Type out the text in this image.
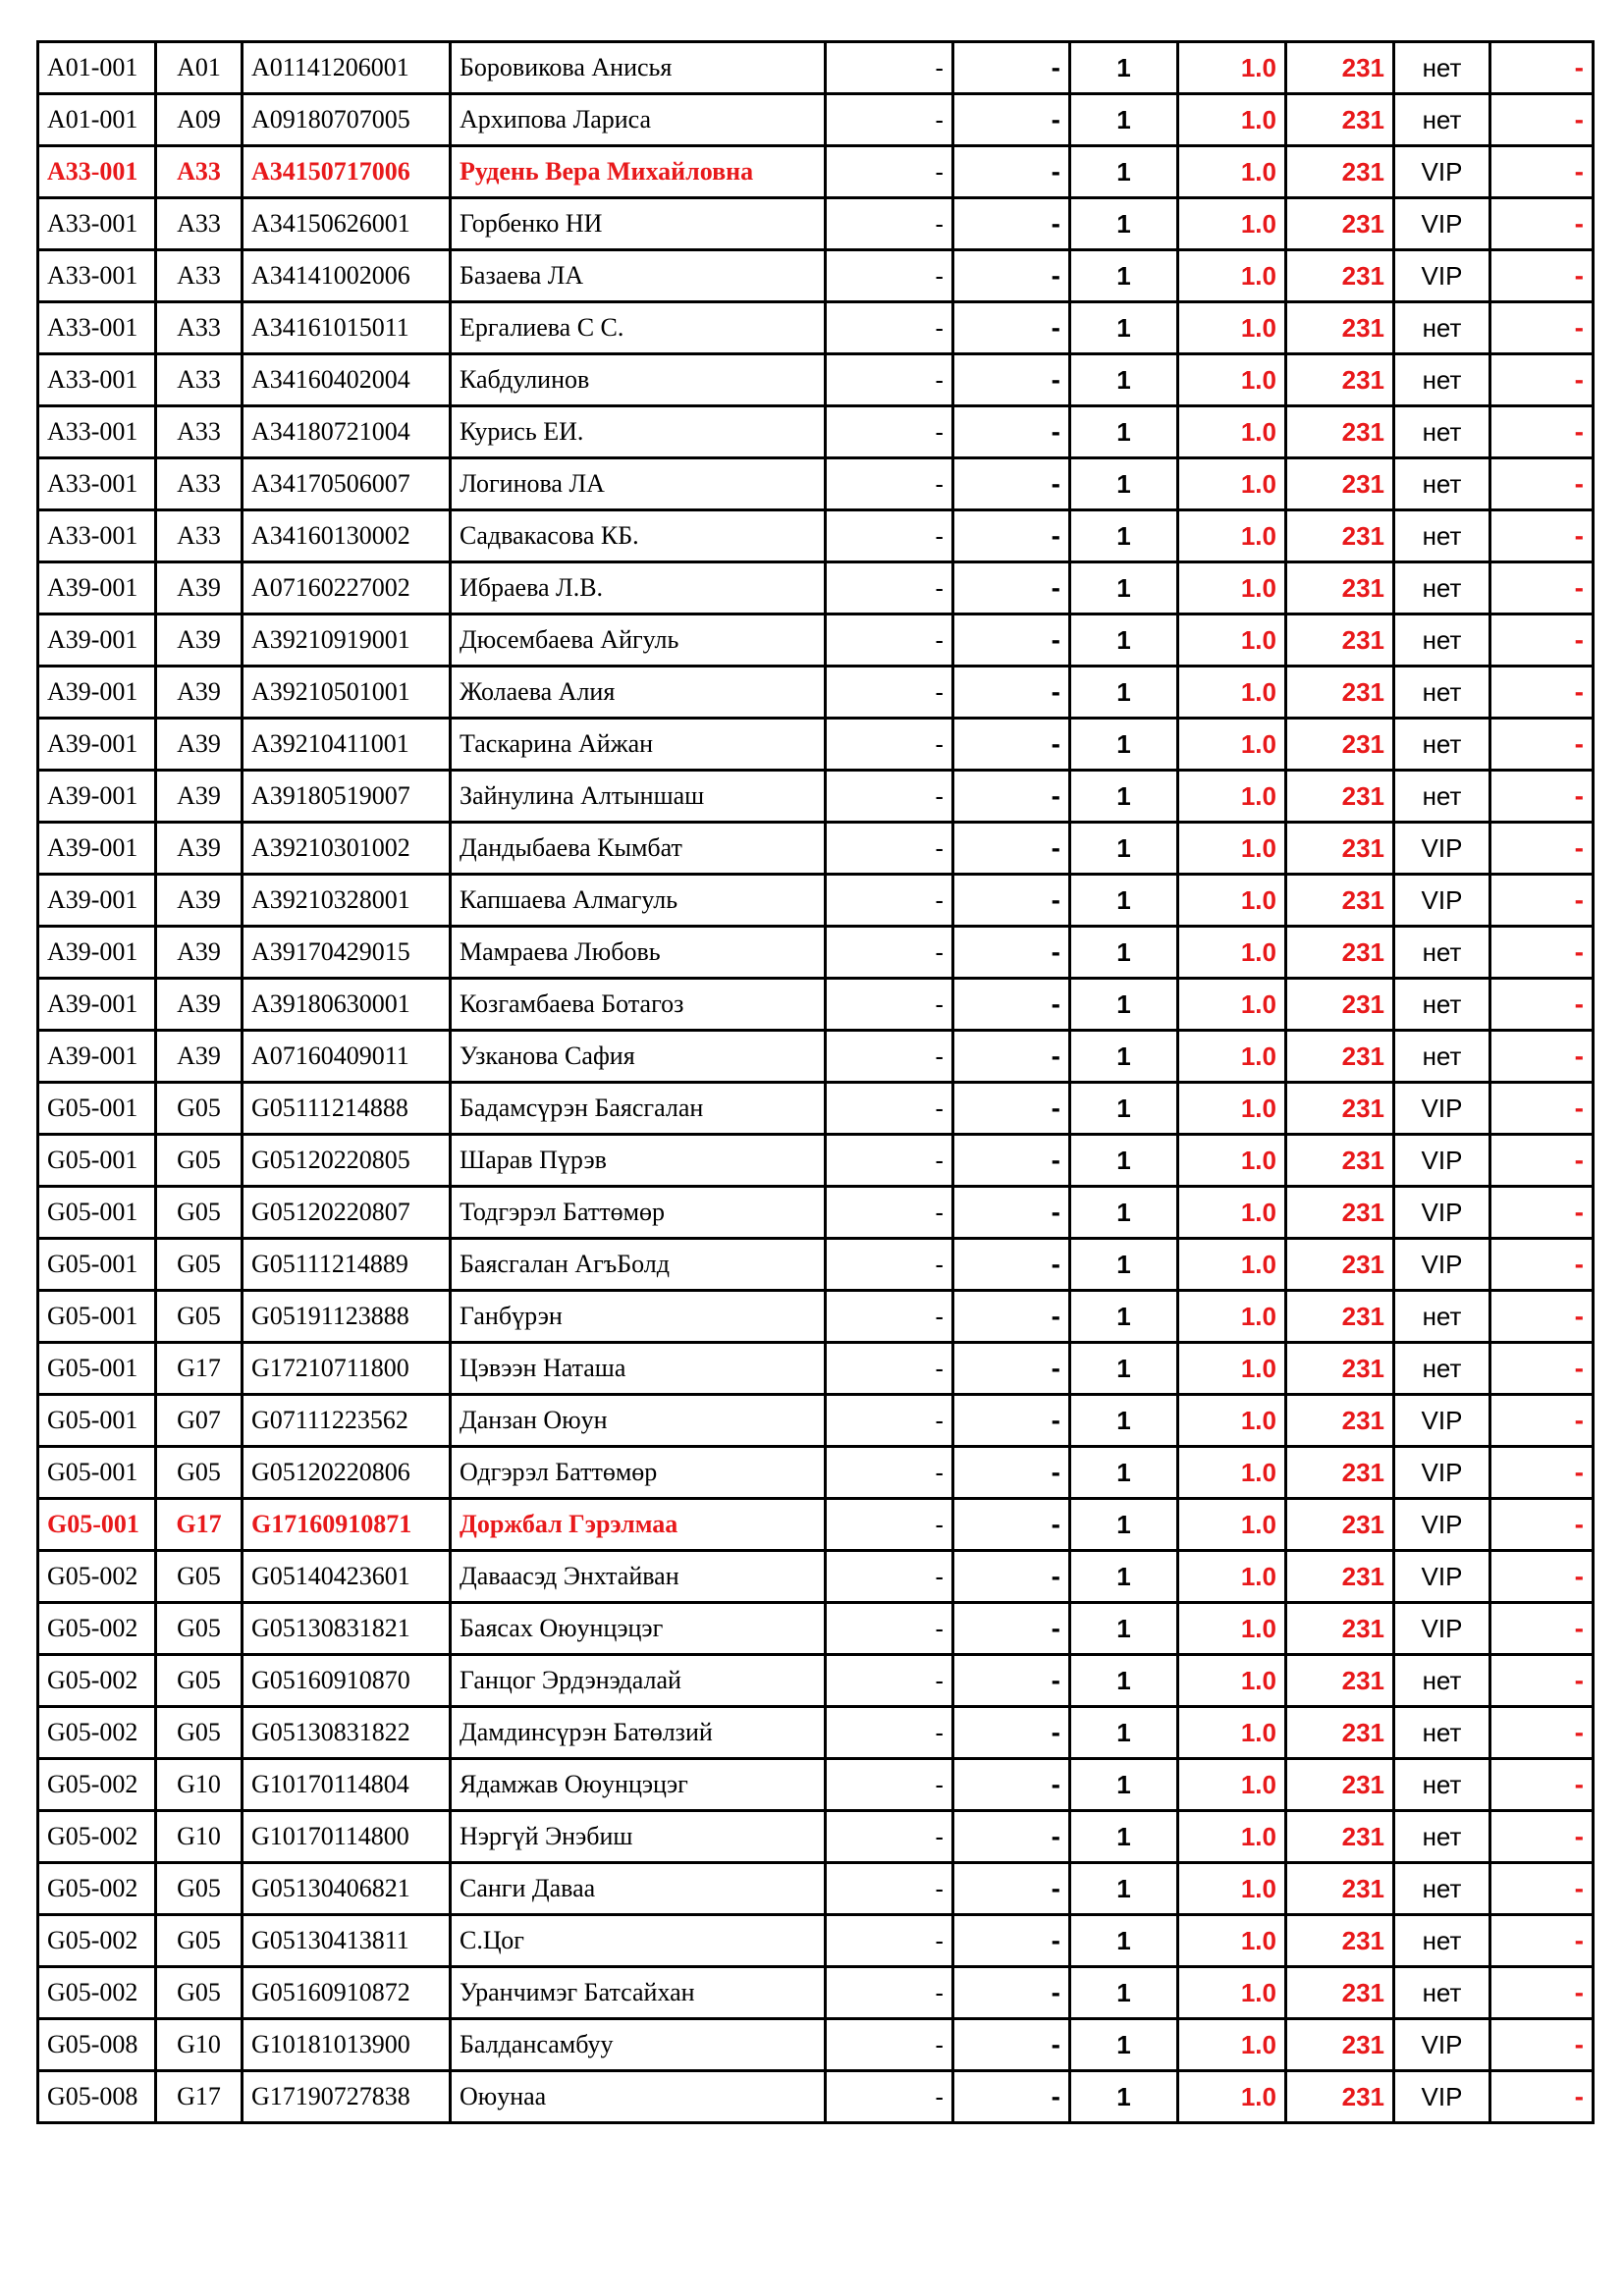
A01-001	A01	A01141206001	Боровикова Анисья	-	-	1	1.0	231	нет	-
A01-001	A09	A09180707005	Архипова Лариса	-	-	1	1.0	231	нет	-
A33-001	A33	A34150717006	Рудень Вера Михайловна	-	-	1	1.0	231	VIP	-
A33-001	A33	A34150626001	Горбенко НИ	-	-	1	1.0	231	VIP	-
A33-001	A33	A34141002006	Базаева ЛА	-	-	1	1.0	231	VIP	-
A33-001	A33	A34161015011	Ергалиева С С.	-	-	1	1.0	231	нет	-
A33-001	A33	A34160402004	Кабдулинов	-	-	1	1.0	231	нет	-
A33-001	A33	A34180721004	Курись ЕИ.	-	-	1	1.0	231	нет	-
A33-001	A33	A34170506007	Логинова ЛА	-	-	1	1.0	231	нет	-
A33-001	A33	A34160130002	Садвакасова КБ.	-	-	1	1.0	231	нет	-
A39-001	A39	A07160227002	Ибраева Л.В.	-	-	1	1.0	231	нет	-
A39-001	A39	A39210919001	Дюсембаева Айгуль	-	-	1	1.0	231	нет	-
A39-001	A39	A39210501001	Жолаева Алия	-	-	1	1.0	231	нет	-
A39-001	A39	A39210411001	Таскарина Айжан	-	-	1	1.0	231	нет	-
A39-001	A39	A39180519007	Зайнулина Алтыншаш	-	-	1	1.0	231	нет	-
A39-001	A39	A39210301002	Дандыбаева Кымбат	-	-	1	1.0	231	VIP	-
A39-001	A39	A39210328001	Капшаева Алмагуль	-	-	1	1.0	231	VIP	-
A39-001	A39	A39170429015	Мамраева Любовь	-	-	1	1.0	231	нет	-
A39-001	A39	A39180630001	Козгамбаева Ботагоз	-	-	1	1.0	231	нет	-
A39-001	A39	A07160409011	Узканова Сафия	-	-	1	1.0	231	нет	-
G05-001	G05	G05111214888	Бадамсүрэн Баясгалан	-	-	1	1.0	231	VIP	-
G05-001	G05	G05120220805	Шарав Пүрэв	-	-	1	1.0	231	VIP	-
G05-001	G05	G05120220807	Тодгэрэл Баттөмөр	-	-	1	1.0	231	VIP	-
G05-001	G05	G05111214889	Баясгалан АгъБолд	-	-	1	1.0	231	VIP	-
G05-001	G05	G05191123888	Ганбүрэн	-	-	1	1.0	231	нет	-
G05-001	G17	G17210711800	Цэвээн Наташа	-	-	1	1.0	231	нет	-
G05-001	G07	G07111223562	Данзан Оюун	-	-	1	1.0	231	VIP	-
G05-001	G05	G05120220806	Одгэрэл Баттөмөр	-	-	1	1.0	231	VIP	-
G05-001	G17	G17160910871	Доржбал Гэрэлмаа	-	-	1	1.0	231	VIP	-
G05-002	G05	G05140423601	Даваасэд Энхтайван	-	-	1	1.0	231	VIP	-
G05-002	G05	G05130831821	Баясах Оюунцэцэг	-	-	1	1.0	231	VIP	-
G05-002	G05	G05160910870	Ганцог Эрдэнэдалай	-	-	1	1.0	231	нет	-
G05-002	G05	G05130831822	Дамдинсүрэн Батөлзий	-	-	1	1.0	231	нет	-
G05-002	G10	G10170114804	Ядамжав Оюунцэцэг	-	-	1	1.0	231	нет	-
G05-002	G10	G10170114800	Нэргүй Энэбиш	-	-	1	1.0	231	нет	-
G05-002	G05	G05130406821	Санги Даваа	-	-	1	1.0	231	нет	-
G05-002	G05	G05130413811	С.Цог	-	-	1	1.0	231	нет	-
G05-002	G05	G05160910872	Уранчимэг Батсайхан	-	-	1	1.0	231	нет	-
G05-008	G10	G10181013900	Балдансамбуу	-	-	1	1.0	231	VIP	-
G05-008	G17	G17190727838	Оюунаа	-	-	1	1.0	231	VIP	-
